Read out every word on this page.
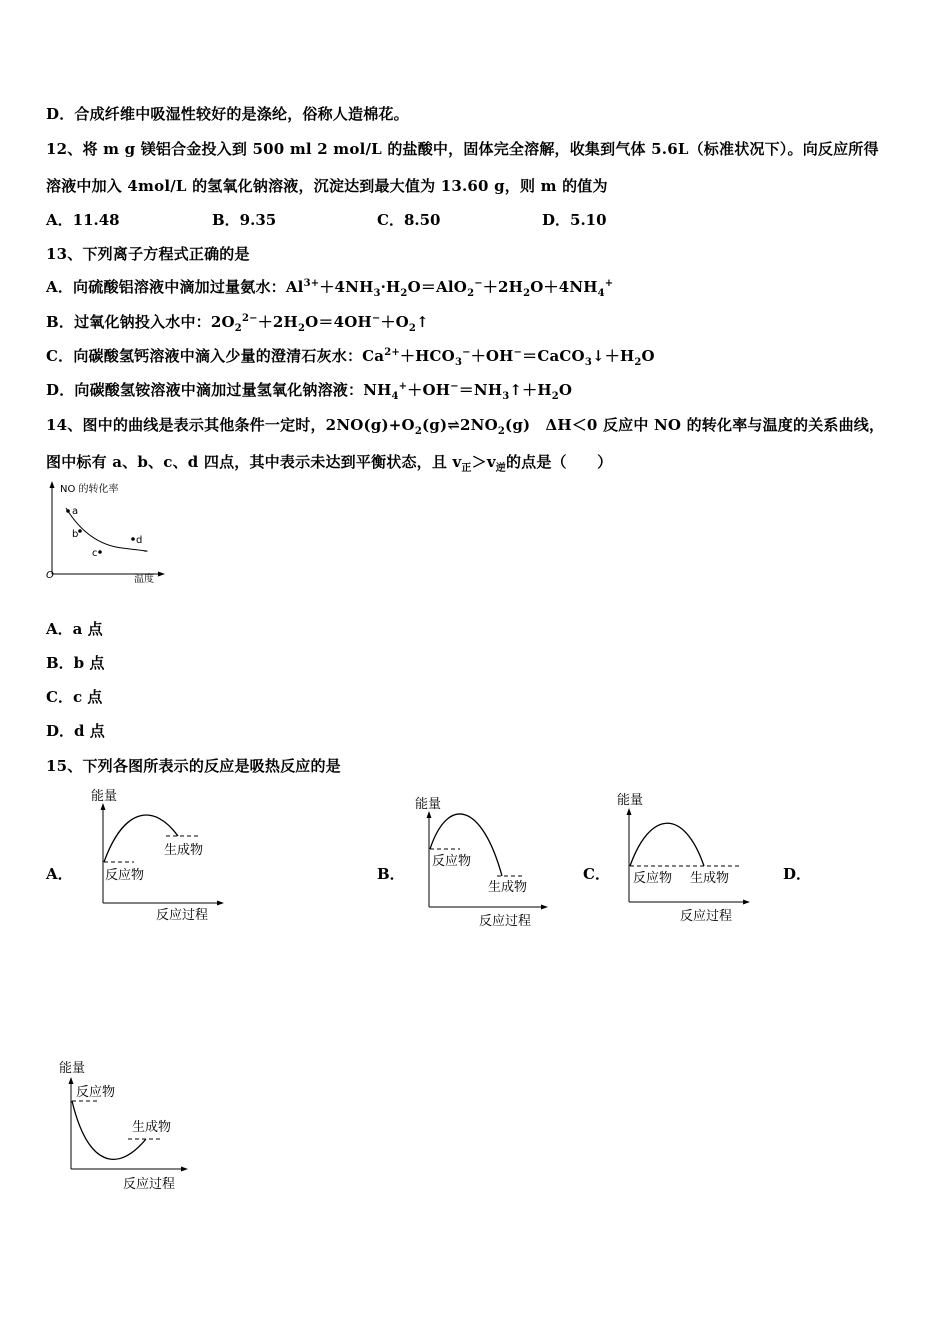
D．合成纤维中吸湿性较好的是涤纶，俗称人造棉花。
12、将 m g 镁铝合金投入到 500 ml 2 mol/L 的盐酸中，固体完全溶解，收集到气体 5.6L（标准状况下）。向反应所得
溶液中加入 4mol/L 的氢氧化钠溶液，沉淀达到最大值为 13.60 g，则 m 的值为
A．11.48	B．9.35	C．8.50	D．5.10
13、下列离子方程式正确的是
A．向硫酸铝溶液中滴加过量氨水：$Al^{3+}+4NH_3\cdot H_2O=AlO_2^-+2H_2O+4NH_4^+$
B．过氧化钠投入水中：$2O_2^{2-}+2H_2O=4OH^-+O_2↑$
C．向碳酸氢钙溶液中滴入少量的澄清石灰水：$Ca^{2+}+HCO_3^-+OH^-=CaCO_3↓+H_2O$
D．向碳酸氢铵溶液中滴加过量氢氧化钠溶液：$NH_4^++OH^-=NH_3↑+H_2O$
14、图中的曲线是表示其他条件一定时，$2NO(g)+O_2(g)\rightleftharpoons 2NO_2(g)$　ΔH＜0 反应中 NO 的转化率与温度的关系曲线，
图中标有 a、b、c、d 四点，其中表示未达到平衡状态，且 $v_正>v_逆$的点是（　　）
NO 的转化率
温度
O
a
b
c
d
A．a 点
B．b 点
C．c 点
D．d 点
15、下列各图所表示的反应是吸热反应的是
A．	B．	C．	D．
能量
反应过程
反应物
生成物
能量
反应过程
反应物
生成物
能量
反应过程
反应物 生成物
能量
反应过程
反应物
生成物
